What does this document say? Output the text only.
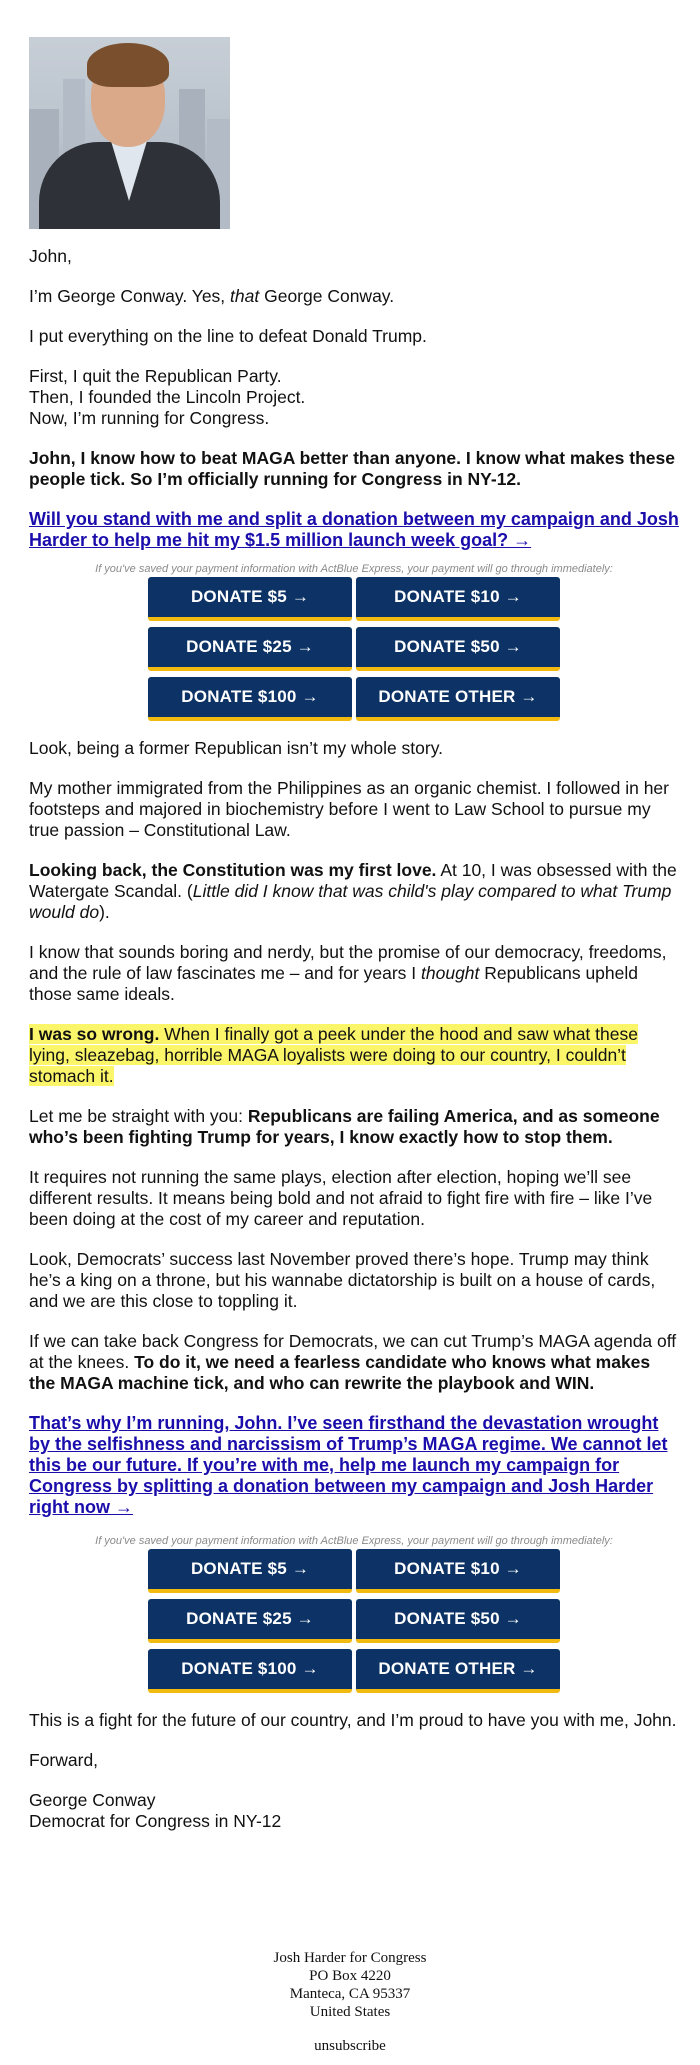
John,

I’m George Conway. Yes, that George Conway.

I put everything on the line to defeat Donald Trump.

First, I quit the Republican Party.
Then, I founded the Lincoln Project.
Now, I’m running for Congress.

John, I know how to beat MAGA better than anyone. I know what makes these people tick. So I’m officially running for Congress in NY-12.

Will you stand with me and split a donation between my campaign and Josh Harder to help me hit my $1.5 million launch week goal? →

If you've saved your payment information with ActBlue Express, your payment will go through immediately:
DONATE $5 →	DONATE $10 →
DONATE $25 →	DONATE $50 →
DONATE $100 →	DONATE OTHER →

Look, being a former Republican isn’t my whole story.

My mother immigrated from the Philippines as an organic chemist. I followed in her footsteps and majored in biochemistry before I went to Law School to pursue my true passion – Constitutional Law.

Looking back, the Constitution was my first love. At 10, I was obsessed with the Watergate Scandal. (Little did I know that was child's play compared to what Trump would do).

I know that sounds boring and nerdy, but the promise of our democracy, freedoms, and the rule of law fascinates me – and for years I thought Republicans upheld those same ideals.

I was so wrong. When I finally got a peek under the hood and saw what these lying, sleazebag, horrible MAGA loyalists were doing to our country, I couldn’t stomach it.

Let me be straight with you: Republicans are failing America, and as someone who’s been fighting Trump for years, I know exactly how to stop them.

It requires not running the same plays, election after election, hoping we’ll see different results. It means being bold and not afraid to fight fire with fire – like I’ve been doing at the cost of my career and reputation.

Look, Democrats’ success last November proved there’s hope. Trump may think he’s a king on a throne, but his wannabe dictatorship is built on a house of cards, and we are this close to toppling it.

If we can take back Congress for Democrats, we can cut Trump’s MAGA agenda off at the knees. To do it, we need a fearless candidate who knows what makes the MAGA machine tick, and who can rewrite the playbook and WIN.

That’s why I’m running, John. I’ve seen firsthand the devastation wrought by the selfishness and narcissism of Trump’s MAGA regime. We cannot let this be our future. If you’re with me, help me launch my campaign for Congress by splitting a donation between my campaign and Josh Harder right now →

If you've saved your payment information with ActBlue Express, your payment will go through immediately:
DONATE $5 →	DONATE $10 →
DONATE $25 →	DONATE $50 →
DONATE $100 →	DONATE OTHER →

This is a fight for the future of our country, and I’m proud to have you with me, John.

Forward,

George Conway
Democrat for Congress in NY-12

Josh Harder for Congress
PO Box 4220
Manteca, CA 95337
United States
unsubscribe
